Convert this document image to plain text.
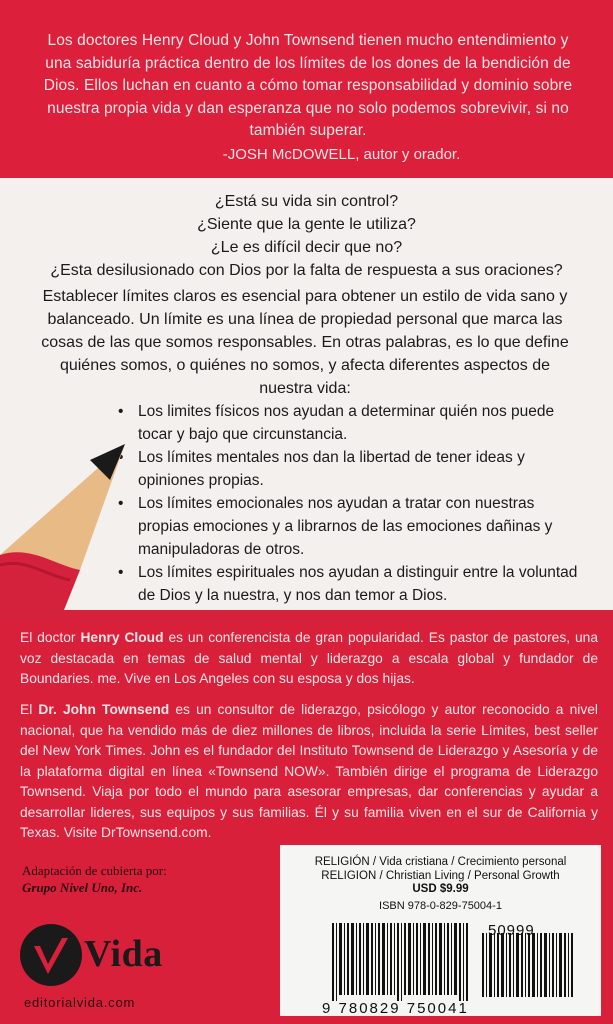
Los doctores Henry Cloud y John Townsend tienen mucho entendimiento y una sabiduría práctica dentro de los límites de los dones de la bendición de Dios. Ellos luchan en cuanto a cómo tomar responsabilidad y dominio sobre nuestra propia vida y dan esperanza que no solo podemos sobrevivir, si no también superar.
-JOSH McDOWELL, autor y orador.
¿Está su vida sin control?
¿Siente que la gente le utiliza?
¿Le es difícil decir que no?
¿Esta desilusionado con Dios por la falta de respuesta a sus oraciones?
Establecer límites claros es esencial para obtener un estilo de vida sano y balanceado. Un límite es una línea de propiedad personal que marca las cosas de las que somos responsables. En otras palabras, es lo que define quiénes somos, o quiénes no somos, y afecta diferentes aspectos de nuestra vida:
• Los limites físicos nos ayudan a determinar quién nos puede tocar y bajo que circunstancia.
• Los límites mentales nos dan la libertad de tener ideas y opiniones propias.
• Los límites emocionales nos ayudan a tratar con nuestras propias emociones y a librarnos de las emociones dañinas y manipuladoras de otros.
• Los límites espirituales nos ayudan a distinguir entre la voluntad de Dios y la nuestra, y nos dan temor a Dios.
El doctor Henry Cloud es un conferencista de gran popularidad. Es pastor de pastores, una voz destacada en temas de salud mental y liderazgo a escala global y fundador de Boundaries. me. Vive en Los Angeles con su esposa y dos hijas.
El Dr. John Townsend es un consultor de liderazgo, psicólogo y autor reconocido a nivel nacional, que ha vendido más de diez millones de libros, incluida la serie Límites, best seller del New York Times. John es el fundador del Instituto Townsend de Liderazgo y Asesoría y de la plataforma digital en línea «Townsend NOW». También dirige el programa de Liderazgo Townsend. Viaja por todo el mundo para asesorar empresas, dar conferencias y ayudar a desarrollar lideres, sus equipos y sus familias. Él y su familia viven en el sur de California y Texas. Visite DrTownsend.com.
Adaptación de cubierta por:
Grupo Nivel Uno, Inc.
Vida
editorialvida.com
RELIGIÓN / Vida cristiana / Crecimiento personal
RELIGION / Christian Living / Personal Growth
USD $9.99
ISBN 978-0-829-75004-1
50999
9 780829 750041
